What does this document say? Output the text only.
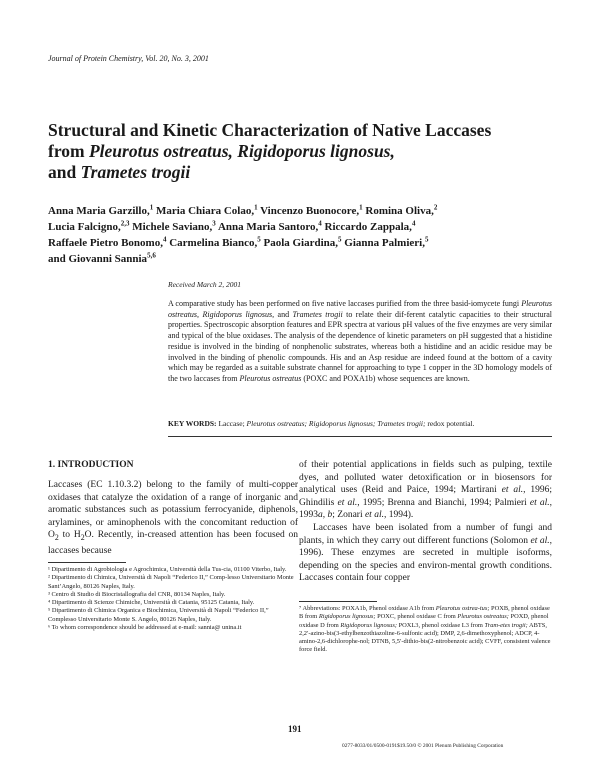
Journal of Protein Chemistry, Vol. 20, No. 3, 2001
Structural and Kinetic Characterization of Native Laccases
from Pleurotus ostreatus, Rigidoporus lignosus,
and Trametes trogii
Anna Maria Garzillo,$^1$ Maria Chiara Colao,$^1$ Vincenzo Buonocore,$^1$ Romina Oliva,$^2$
Lucia Falcigno,$^{2,3}$ Michele Saviano,$^3$ Anna Maria Santoro,$^4$ Riccardo Zappala,$^4$
Raffaele Pietro Bonomo,$^4$ Carmelina Bianco,$^5$ Paola Giardina,$^5$ Gianna Palmieri,$^5$
and Giovanni Sannia$^{5,6}$
Received March 2, 2001
A comparative study has been performed on five native laccases purified from the three basid-iomycete fungi Pleurotus ostreatus, Rigidoporus lignosus, and Trametes trogii to relate their dif-ferent catalytic capacities to their structural properties. Spectroscopic absorption features and EPR spectra at various pH values of the five enzymes are very similar and typical of the blue oxidases. The analysis of the dependence of kinetic parameters on pH suggested that a histidine residue is involved in the binding of nonphenolic substrates, whereas both a histidine and an acidic residue may be involved in the binding of phenolic compounds. His and an Asp residue are indeed found at the bottom of a cavity which may be regarded as a suitable substrate channel for approaching to type 1 copper in the 3D homology models of the two laccases from Pleurotus ostreatus (POXC and POXA1b) whose sequences are known.
KEY WORDS: Laccase; Pleurotus ostreatus; Rigidoporus lignosus; Trametes trogii; redox potential.
1. INTRODUCTION
Laccases (EC 1.10.3.2) belong to the family of multi-copper oxidases that catalyze the oxidation of a range of inorganic and aromatic substances such as potassium ferrocyanide, diphenols, arylamines, or aminophenols with the concomitant reduction of $O_2$ to $H_2O$. Recently, in-creased attention has been focused on laccases because
of their potential applications in fields such as pulping, textile dyes, and polluted water detoxification or in biosensors for analytical uses (Reid and Paice, 1994; Martirani et al., 1996; Ghindilis et al., 1995; Brenna and Bianchi, 1994; Palmieri et al., 1993a, b; Zonari et al., 1994).
Laccases have been isolated from a number of fungi and plants, in which they carry out different functions (Solomon et al., 1996). These enzymes are secreted in multiple isoforms, depending on the species and environ-mental growth conditions. Laccases contain four copper
¹ Dipartimento di Agrobiologia e Agrochimica, Università della Tus-cia, 01100 Viterbo, Italy.
² Dipartimento di Chimica, Università di Napoli “Federico II,” Comp-lesso Universitario Monte Sant’Angelo, 80126 Naples, Italy.
³ Centro di Studio di Biocristallografia del CNR, 80134 Naples, Italy.
⁴ Dipartimento di Scienze Chimiche, Università di Catania, 95125 Catania, Italy.
⁵ Dipartimento di Chimica Organica e Biochimica, Università di Napoli “Federico II,” Complesso Universitario Monte S. Angelo, 80126 Naples, Italy.
⁶ To whom correspondence should be addressed at e-mail: sannia@ unina.it
⁷ Abbreviations: POXA1b, Phenol oxidase A1b from Pleurotus ostrea-tus; POXB, phenol oxidase B from Rigidoporus lignosus; POXC, phenol oxidase C from Pleurotus ostreatus; POXD, phenol oxidase D from Rigidoporus lignosus; POXL3, phenol oxidase L3 from Tram-etes trogii; ABTS, 2,2′-azino-bis(3-ethylbenzothiazoline-6-sulfonic acid); DMP, 2,6-dimethoxyphenol; ADCP, 4-amino-2,6-dichlorophe-nol; DTNB, 5,5′-dithio-bis(2-nitrobenzoic acid); CVFF, consistent valence force field.
191
0277-8033/01/0500-0191$19.50/0 © 2001 Plenum Publishing Corporation
